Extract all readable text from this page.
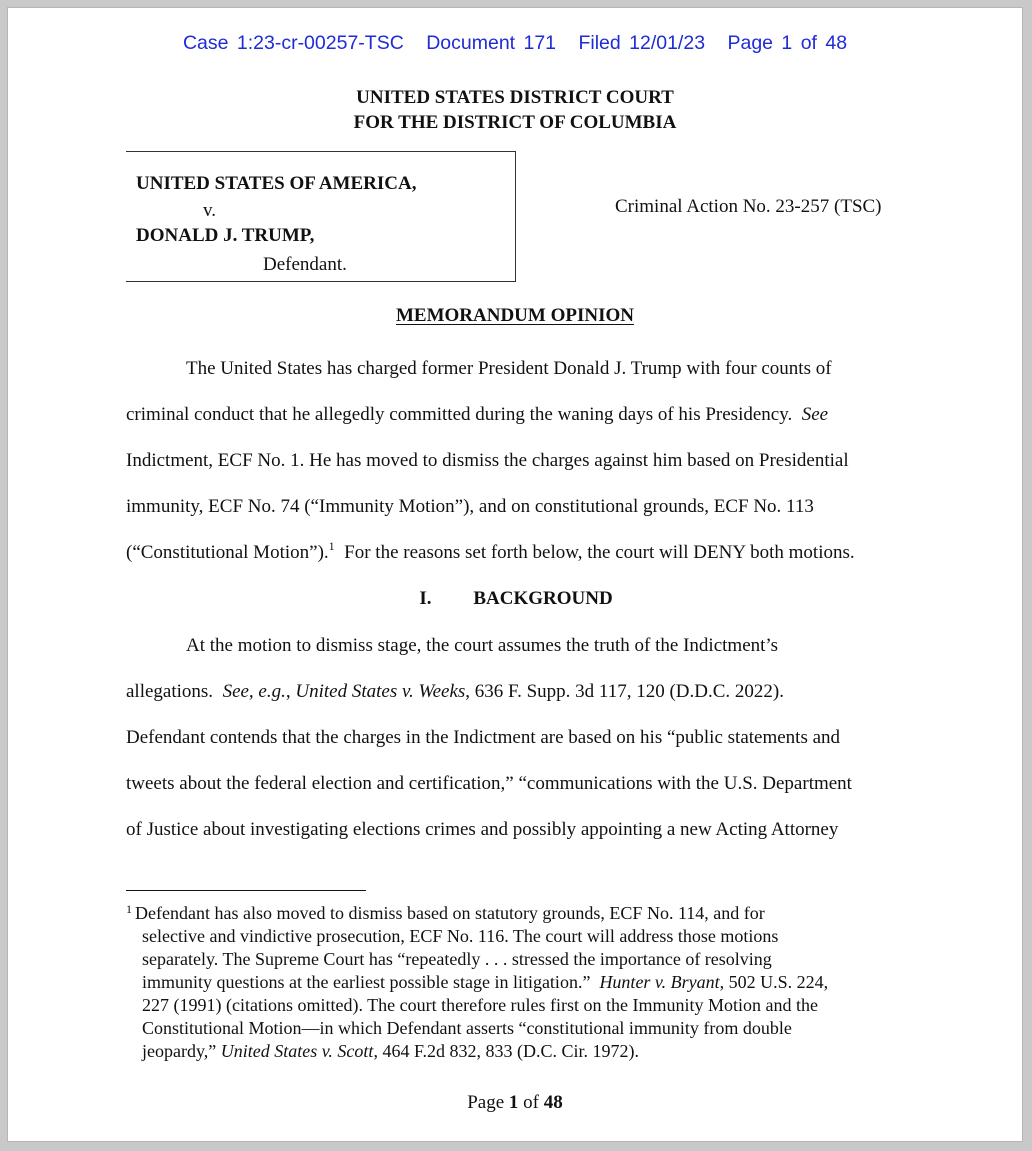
Case 1:23-cr-00257-TSC Document 171 Filed 12/01/23 Page 1 of 48
UNITED STATES DISTRICT COURT
FOR THE DISTRICT OF COLUMBIA
UNITED STATES OF AMERICA,
v.
DONALD J. TRUMP,
Defendant.
Criminal Action No. 23-257 (TSC)
MEMORANDUM OPINION
The United States has charged former President Donald J. Trump with four counts of
criminal conduct that he allegedly committed during the waning days of his Presidency. See
Indictment, ECF No. 1. He has moved to dismiss the charges against him based on Presidential
immunity, ECF No. 74 (“Immunity Motion”), and on constitutional grounds, ECF No. 113
(“Constitutional Motion”).$^1$ For the reasons set forth below, the court will DENY both motions.
I. BACKGROUND
At the motion to dismiss stage, the court assumes the truth of the Indictment’s
allegations. See, e.g., United States v. Weeks, 636 F. Supp. 3d 117, 120 (D.D.C. 2022).
Defendant contends that the charges in the Indictment are based on his “public statements and
tweets about the federal election and certification,” “communications with the U.S. Department
of Justice about investigating elections crimes and possibly appointing a new Acting Attorney
$^1$ Defendant has also moved to dismiss based on statutory grounds, ECF No. 114, and for
selective and vindictive prosecution, ECF No. 116. The court will address those motions
separately. The Supreme Court has “repeatedly . . . stressed the importance of resolving
immunity questions at the earliest possible stage in litigation.” Hunter v. Bryant, 502 U.S. 224,
227 (1991) (citations omitted). The court therefore rules first on the Immunity Motion and the
Constitutional Motion—in which Defendant asserts “constitutional immunity from double
jeopardy,” United States v. Scott, 464 F.2d 832, 833 (D.C. Cir. 1972).
Page 1 of 48
